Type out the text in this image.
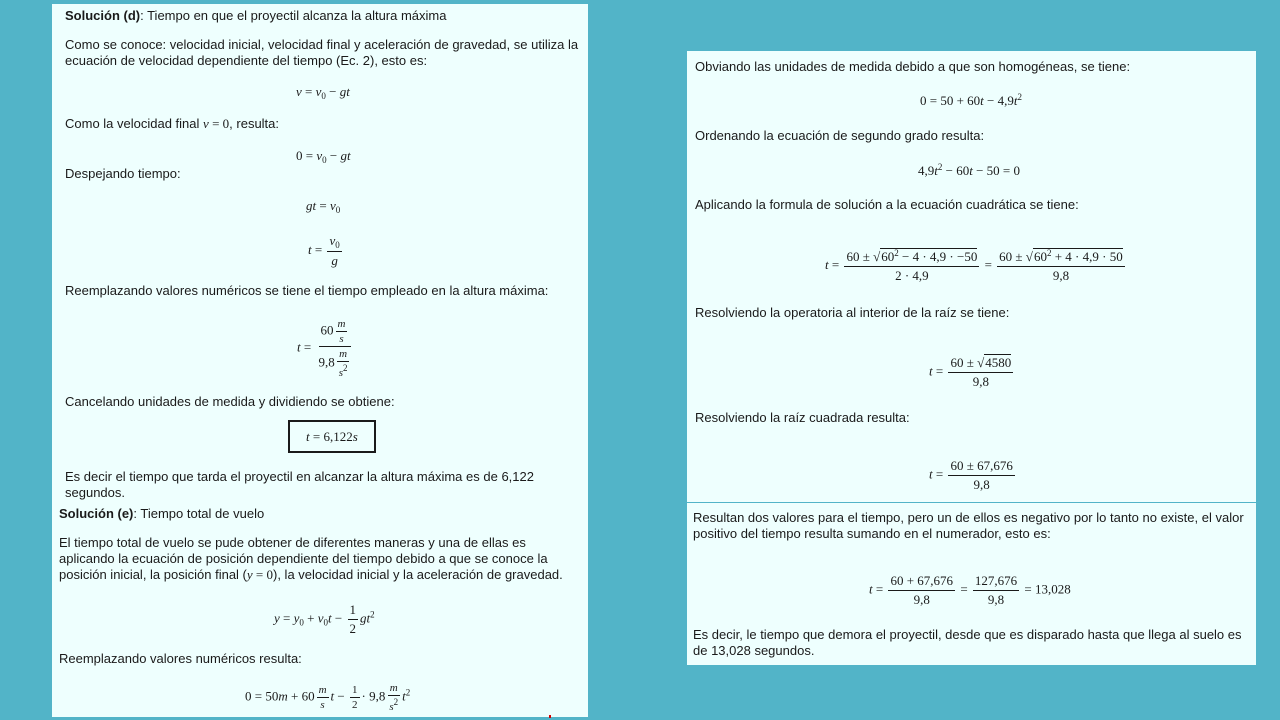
Solución (d): Tiempo en que el proyectil alcanza la altura máxima

Como se conoce: velocidad inicial, velocidad final y aceleración de gravedad, se utiliza la ecuación de velocidad dependiente del tiempo (Ec. 2), esto es:

$v = v_0$ − gt

Como la velocidad final v = 0, resulta:

$0 = v_0$ − gt

Despejando tiempo:

gt = $v_0$
$t = \frac{v_0}{g}$

Reemplazando valores numéricos se tiene el tiempo empleado en la altura máxima:

$t = \frac{60 \frac{m}{s}}{9,8 \frac{m}{s^2}}$

Cancelando unidades de medida y dividiendo se obtiene:

t = 6,122s

Es decir el tiempo que tarda el proyectil en alcanzar la altura máxima es de 6,122 segundos.

Solución (e): Tiempo total de vuelo

El tiempo total de vuelo se pude obtener de diferentes maneras y una de ellas es aplicando la ecuación de posición dependiente del tiempo debido a que se conoce la posición inicial, la posición final (y = 0), la velocidad inicial y la aceleración de gravedad.

$y = y_0 + v_0t - \frac{1}{2} gt^2$

Reemplazando valores numéricos resulta:

$0 = 50m + 60 \frac{m}{s}$ $t - \frac{1}{2} \cdot 9,8 \frac{m}{s^2} t^2$

Obviando las unidades de medida debido a que son homogéneas, se tiene:

$0 = 50 + 60t - 4,9t^2$

Ordenando la ecuación de segundo grado resulta:

$4,9t^2 - 60t - 50 = 0$

Aplicando la formula de solución a la ecuación cuadrática se tiene:

$t = \frac{60 \pm √60^2 - 4 \cdot 4,9 \cdot -50}{2 \cdot 4,9} = \frac{60 \pm √60^2 + 4 \cdot 4,9 \cdot 50}{9,8}$

Resolviendo la operatoria al interior de la raíz se tiene:

$t = \frac{60 \pm √4580}{9,8}$

Resolviendo la raíz cuadrada resulta:

$t = \frac{60 \pm 67,676}{9,8}$

Resultan dos valores para el tiempo, pero un de ellos es negativo por lo tanto no existe, el valor positivo del tiempo resulta sumando en el numerador, esto es:

$t = \frac{60 + 67,676}{9,8} = \frac{127,676}{9,8} = 13,028$

Es decir, le tiempo que demora el proyectil, desde que es disparado hasta que llega al suelo es de 13,028 segundos.
